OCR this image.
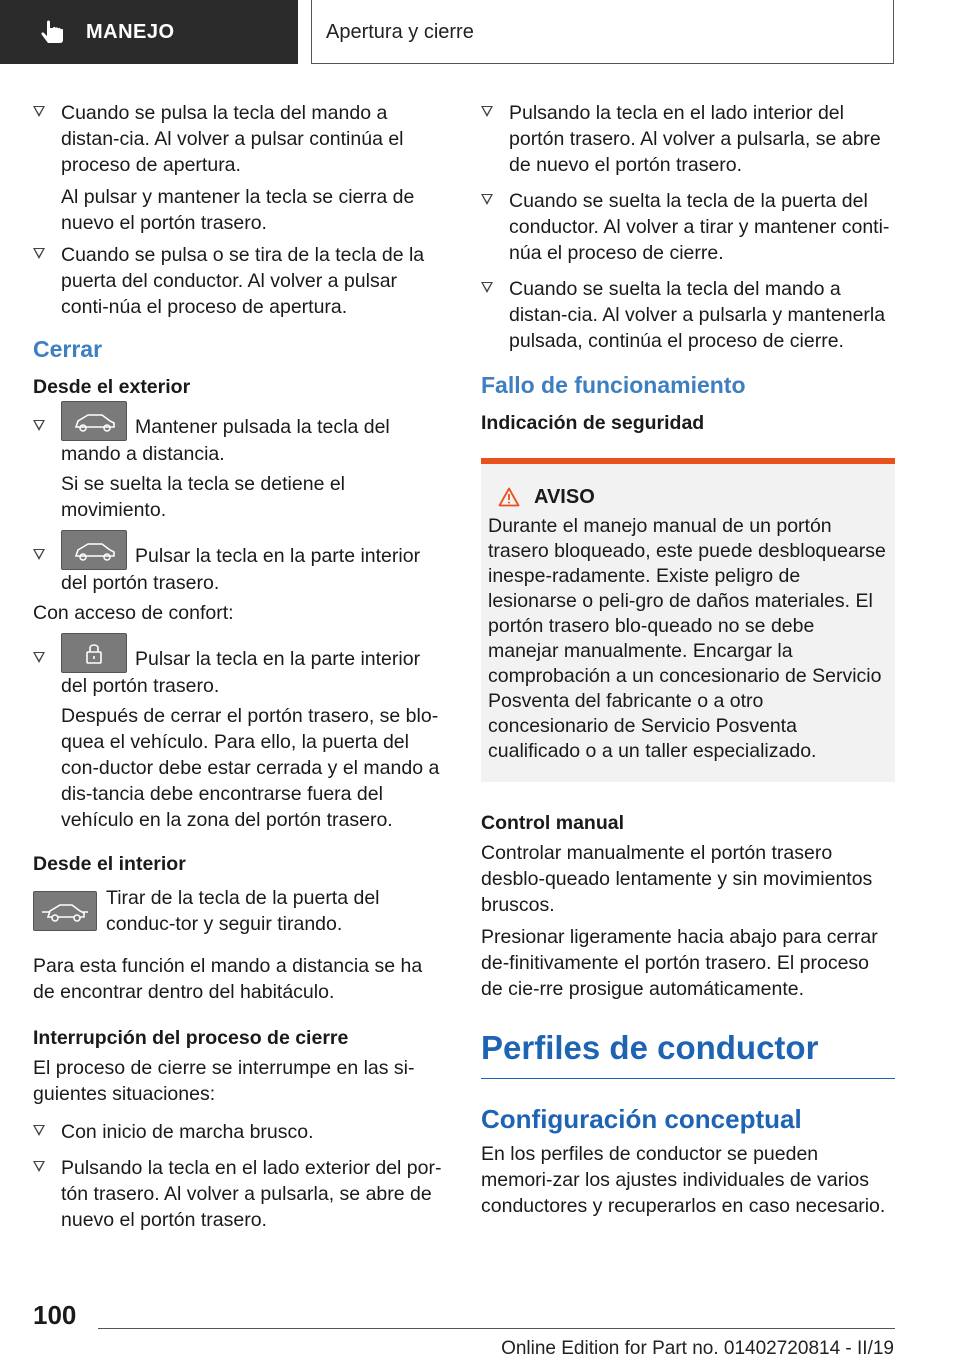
MANEJO	Apertura y cierre
Cuando se pulsa la tecla del mando a distan‐cia. Al volver a pulsar continúa el proceso de apertura.
Al pulsar y mantener la tecla se cierra de nuevo el portón trasero.
Cuando se pulsa o se tira de la tecla de la puerta del conductor. Al volver a pulsar conti‐núa el proceso de apertura.
Cerrar
Desde el exterior
Mantener pulsada la tecla del mando a distancia.
Si se suelta la tecla se detiene el movimiento.
Pulsar la tecla en la parte interior del portón trasero.

Con acceso de confort:

Pulsar la tecla en la parte interior del portón trasero.
Después de cerrar el portón trasero, se blo‐quea el vehículo. Para ello, la puerta del con‐ductor debe estar cerrada y el mando a dis‐tancia debe encontrarse fuera del vehículo en la zona del portón trasero.
Desde el interior
Tirar de la tecla de la puerta del conduc‐tor y seguir tirando.

Para esta función el mando a distancia se ha de encontrar dentro del habitáculo.

Interrupción del proceso de cierre

El proceso de cierre se interrumpe en las si‐guientes situaciones:

Con inicio de marcha brusco.
Pulsando la tecla en el lado exterior del por‐tón trasero. Al volver a pulsarla, se abre de nuevo el portón trasero.
Pulsando la tecla en el lado interior del portón trasero. Al volver a pulsarla, se abre de nuevo el portón trasero.
Cuando se suelta la tecla de la puerta del conductor. Al volver a tirar y mantener conti‐núa el proceso de cierre.
Cuando se suelta la tecla del mando a distan‐cia. Al volver a pulsarla y mantenerla pulsada, continúa el proceso de cierre.
Fallo de funcionamiento
Indicación de seguridad
AVISO
Durante el manejo manual de un portón trasero bloqueado, este puede desbloquearse inespe‐radamente. Existe peligro de lesionarse o peli‐gro de daños materiales. El portón trasero blo‐queado no se debe manejar manualmente. Encargar la comprobación a un concesionario de Servicio Posventa del fabricante o a otro concesionario de Servicio Posventa cualificado o a un taller especializado.
Control manual

Controlar manualmente el portón trasero desblo‐queado lentamente y sin movimientos bruscos.

Presionar ligeramente hacia abajo para cerrar de‐finitivamente el portón trasero. El proceso de cie‐rre prosigue automáticamente.

Perfiles de conductor
Configuración conceptual

En los perfiles de conductor se pueden memori‐zar los ajustes individuales de varios conductores y recuperarlos en caso necesario.

100
Online Edition for Part no. 01402720814 - II/19
